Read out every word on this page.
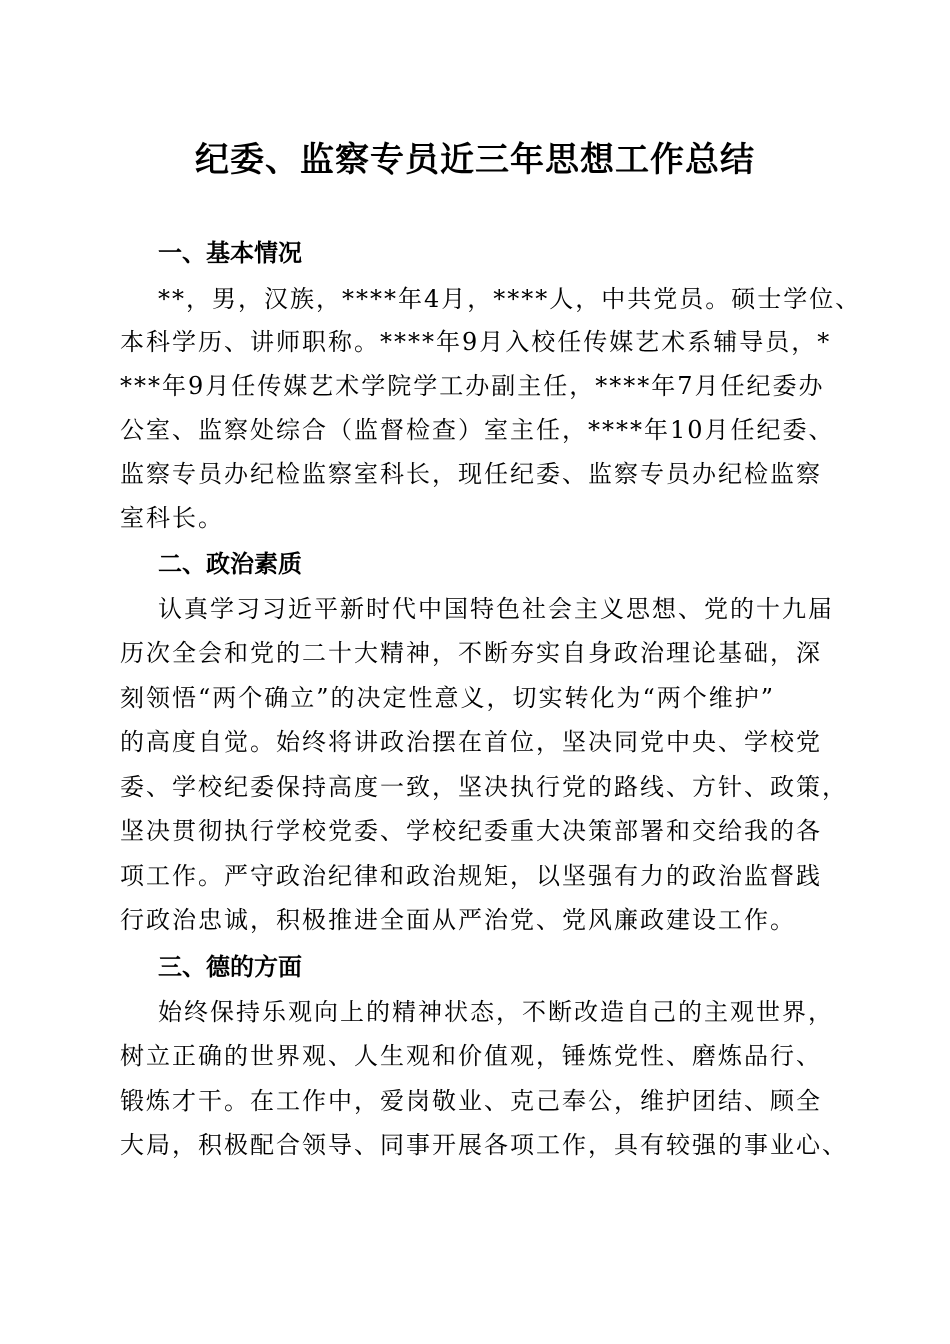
纪委、监察专员近三年思想工作总结
一、基本情况
**，男，汉族，****年4月，****人，中共党员。硕士学位、
本科学历、讲师职称。****年9月入校任传媒艺术系辅导员，*
***年9月任传媒艺术学院学工办副主任，****年7月任纪委办
公室、监察处综合（监督检查）室主任，****年10月任纪委、
监察专员办纪检监察室科长，现任纪委、监察专员办纪检监察
室科长。
二、政治素质
认真学习习近平新时代中国特色社会主义思想、党的十九届
历次全会和党的二十大精神，不断夯实自身政治理论基础，深
刻领悟“两个确立”的决定性意义，切实转化为“两个维护”
的高度自觉。始终将讲政治摆在首位，坚决同党中央、学校党
委、学校纪委保持高度一致，坚决执行党的路线、方针、政策，
坚决贯彻执行学校党委、学校纪委重大决策部署和交给我的各
项工作。严守政治纪律和政治规矩，以坚强有力的政治监督践
行政治忠诚，积极推进全面从严治党、党风廉政建设工作。
三、德的方面
始终保持乐观向上的精神状态，不断改造自己的主观世界，
树立正确的世界观、人生观和价值观，锤炼党性、磨炼品行、
锻炼才干。在工作中，爱岗敬业、克己奉公，维护团结、顾全
大局，积极配合领导、同事开展各项工作，具有较强的事业心、
